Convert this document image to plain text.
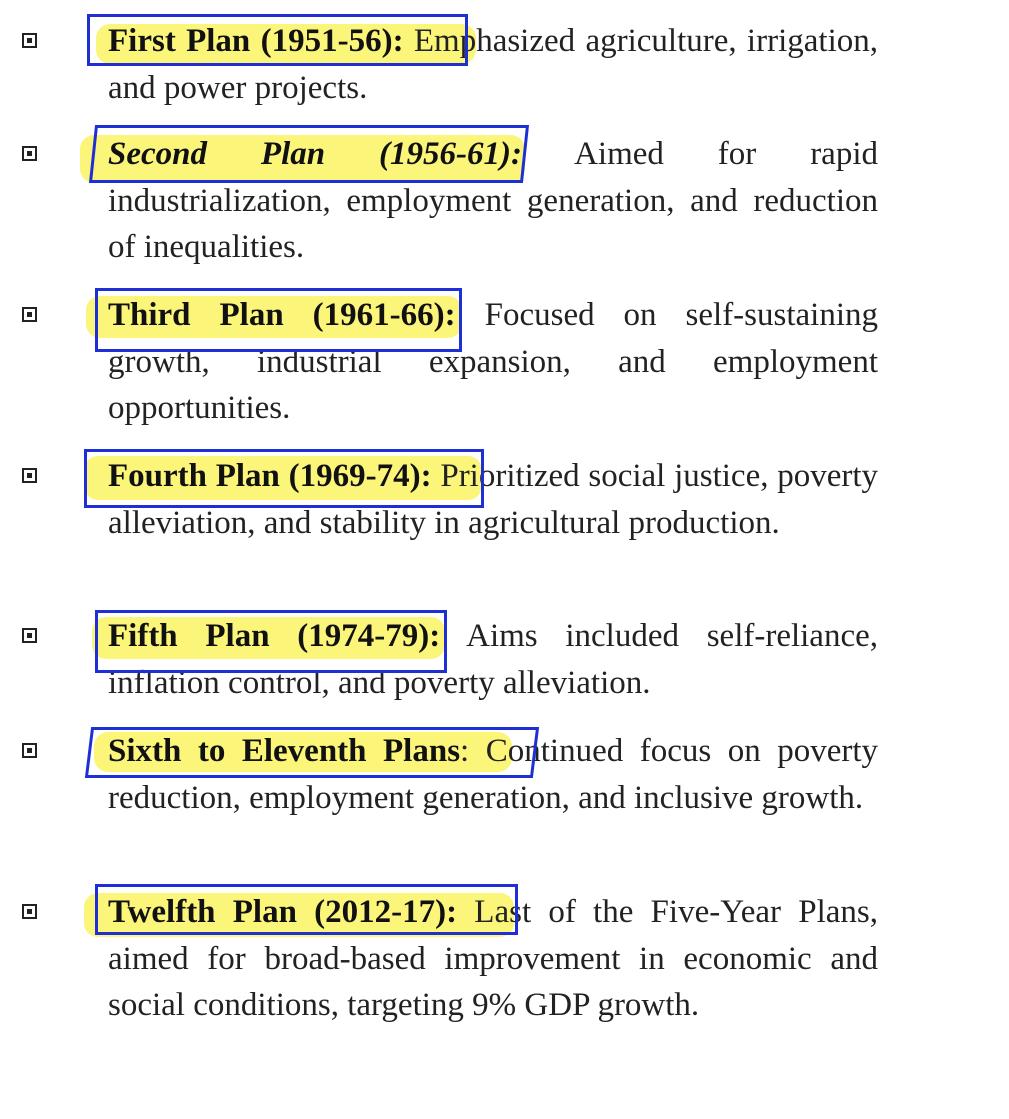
First Plan (1951-56): Emphasized agriculture, irrigation, and power projects.

Second Plan (1956-61): Aimed for rapid industrialization, employment generation, and reduction of inequalities.

Third Plan (1961-66): Focused on self-sustaining growth, industrial expansion, and employment opportunities.

Fourth Plan (1969-74): Prioritized social justice, poverty alleviation, and stability in agricultural production.

Fifth Plan (1974-79): Aims included self-reliance, inflation control, and poverty alleviation.

Sixth to Eleventh Plans: Continued focus on poverty reduction, employment generation, and inclusive growth.

Twelfth Plan (2012-17): Last of the Five-Year Plans, aimed for broad-based improvement in economic and social conditions, targeting 9% GDP growth.
